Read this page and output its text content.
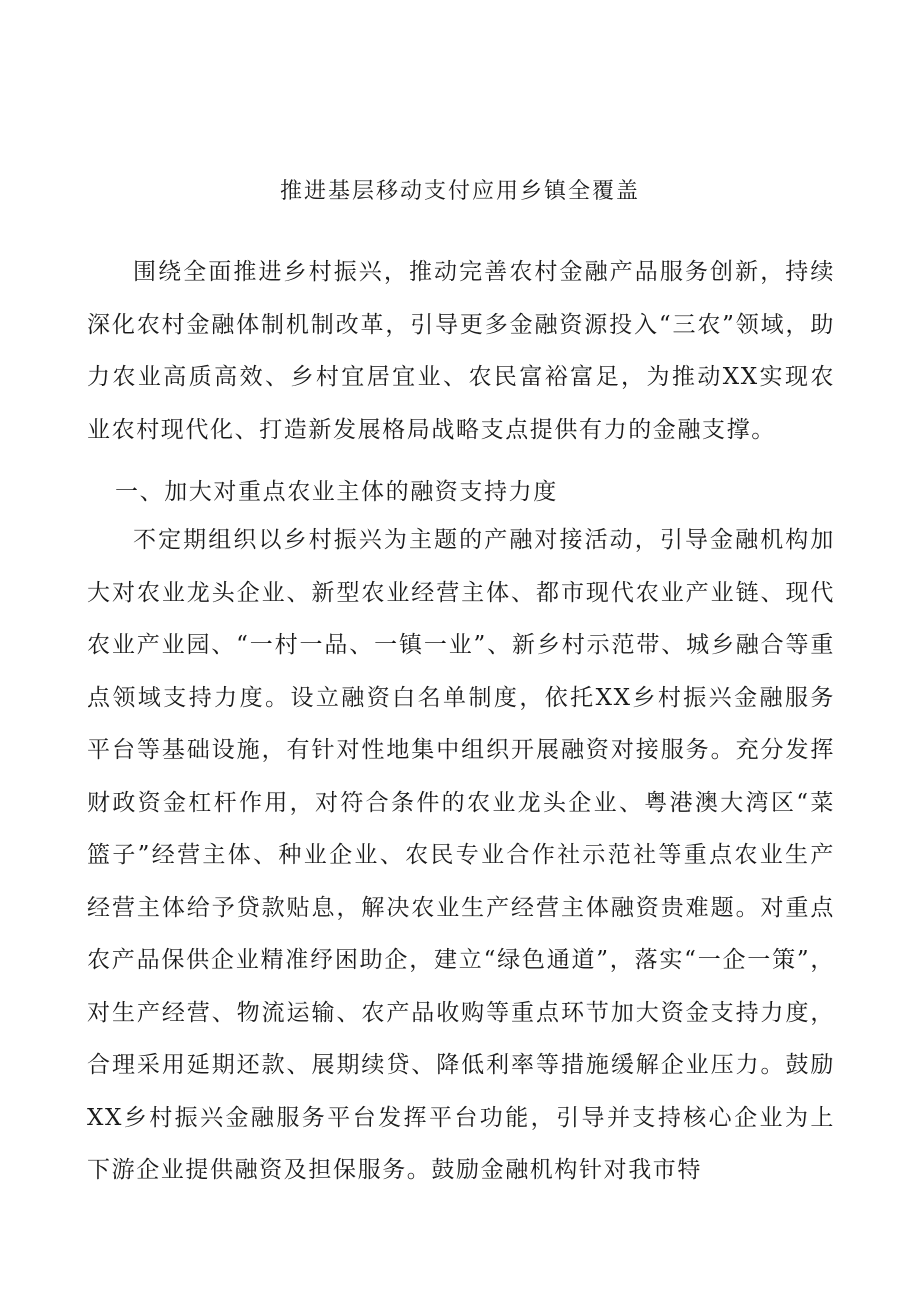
推进基层移动支付应用乡镇全覆盖

围绕全面推进乡村振兴，推动完善农村金融产品服务创新，持续深化农村金融体制机制改革，引导更多金融资源投入“三农”领域，助力农业高质高效、乡村宜居宜业、农民富裕富足，为推动XX实现农业农村现代化、打造新发展格局战略支点提供有力的金融支撑。

一、加大对重点农业主体的融资支持力度

不定期组织以乡村振兴为主题的产融对接活动，引导金融机构加大对农业龙头企业、新型农业经营主体、都市现代农业产业链、现代农业产业园、“一村一品、一镇一业”、新乡村示范带、城乡融合等重点领域支持力度。设立融资白名单制度，依托XX乡村振兴金融服务平台等基础设施，有针对性地集中组织开展融资对接服务。充分发挥财政资金杠杆作用，对符合条件的农业龙头企业、粤港澳大湾区“菜篮子”经营主体、种业企业、农民专业合作社示范社等重点农业生产经营主体给予贷款贴息，解决农业生产经营主体融资贵难题。对重点农产品保供企业精准纾困助企，建立“绿色通道”，落实“一企一策”，对生产经营、物流运输、农产品收购等重点环节加大资金支持力度，合理采用延期还款、展期续贷、降低利率等措施缓解企业压力。鼓励XX乡村振兴金融服务平台发挥平台功能，引导并支持核心企业为上下游企业提供融资及担保服务。鼓励金融机构针对我市特
